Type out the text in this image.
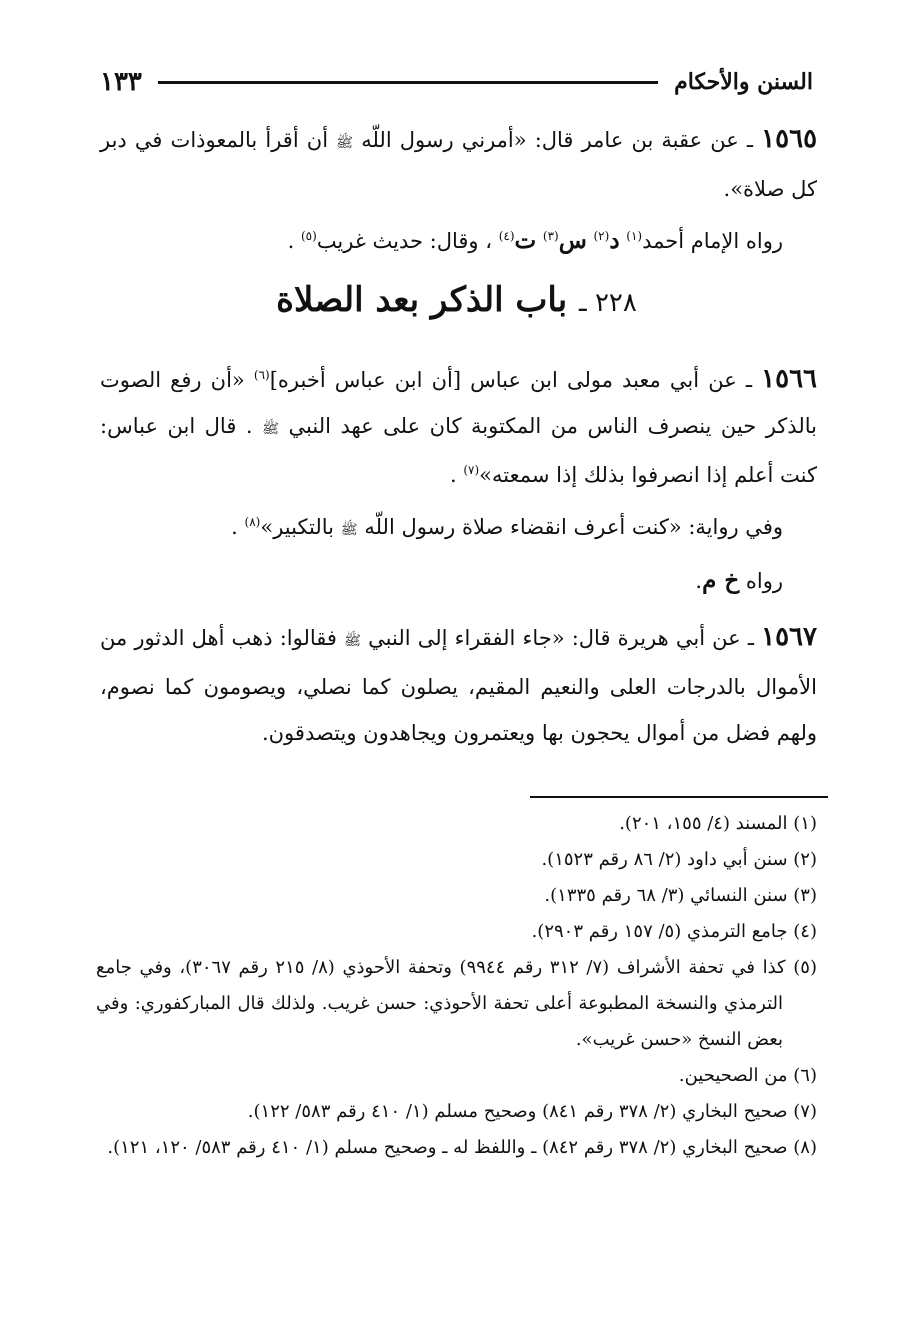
السنن والأحكام
١٣٣

١٥٦٥ ـ عن عقبة بن عامر قال: «أمرني رسول اللّه ﷺ أن أقرأ بالمعوذات في دبر كل صلاة».

رواه الإمام أحمد$^{(١)}$ د$^{(٢)}$ س$^{(٣)}$ ت$^{(٤)}$ ، وقال: حديث غريب$^{(٥)}$ .

٢٢٨ ـ باب الذكر بعد الصلاة

١٥٦٦ ـ عن أبي معبد مولى ابن عباس [أن ابن عباس أخبره]$^{(٦)}$ «أن رفع الصوت بالذكر حين ينصرف الناس من المكتوبة كان على عهد النبي ﷺ . قال ابن عباس: كنت أعلم إذا انصرفوا بذلك إذا سمعته»$^{(٧)}$ .

وفي رواية: «كنت أعرف انقضاء صلاة رسول اللّه ﷺ بالتكبير»$^{(٨)}$ .

رواه خ م.

١٥٦٧ ـ عن أبي هريرة قال: «جاء الفقراء إلى النبي ﷺ فقالوا: ذهب أهل الدثور من الأموال بالدرجات العلى والنعيم المقيم، يصلون كما نصلي، ويصومون كما نصوم، ولهم فضل من أموال يحجون بها ويعتمرون ويجاهدون ويتصدقون.

(١) المسند (٤/ ١٥٥، ٢٠١).
(٢) سنن أبي داود (٢/ ٨٦ رقم ١٥٢٣).
(٣) سنن النسائي (٣/ ٦٨ رقم ١٣٣٥).
(٤) جامع الترمذي (٥/ ١٥٧ رقم ٢٩٠٣).
(٥) كذا في تحفة الأشراف (٧/ ٣١٢ رقم ٩٩٤٤) وتحفة الأحوذي (٨/ ٢١٥ رقم ٣٠٦٧)، وفي جامع الترمذي والنسخة المطبوعة أعلى تحفة الأحوذي: حسن غريب. ولذلك قال المباركفوري: وفي بعض النسخ «حسن غريب».
(٦) من الصحيحين.
(٧) صحيح البخاري (٢/ ٣٧٨ رقم ٨٤١) وصحيح مسلم (١/ ٤١٠ رقم ٥٨٣/ ١٢٢).
(٨) صحيح البخاري (٢/ ٣٧٨ رقم ٨٤٢) ـ واللفظ له ـ وصحيح مسلم (١/ ٤١٠ رقم ٥٨٣/ ١٢٠، ١٢١).
